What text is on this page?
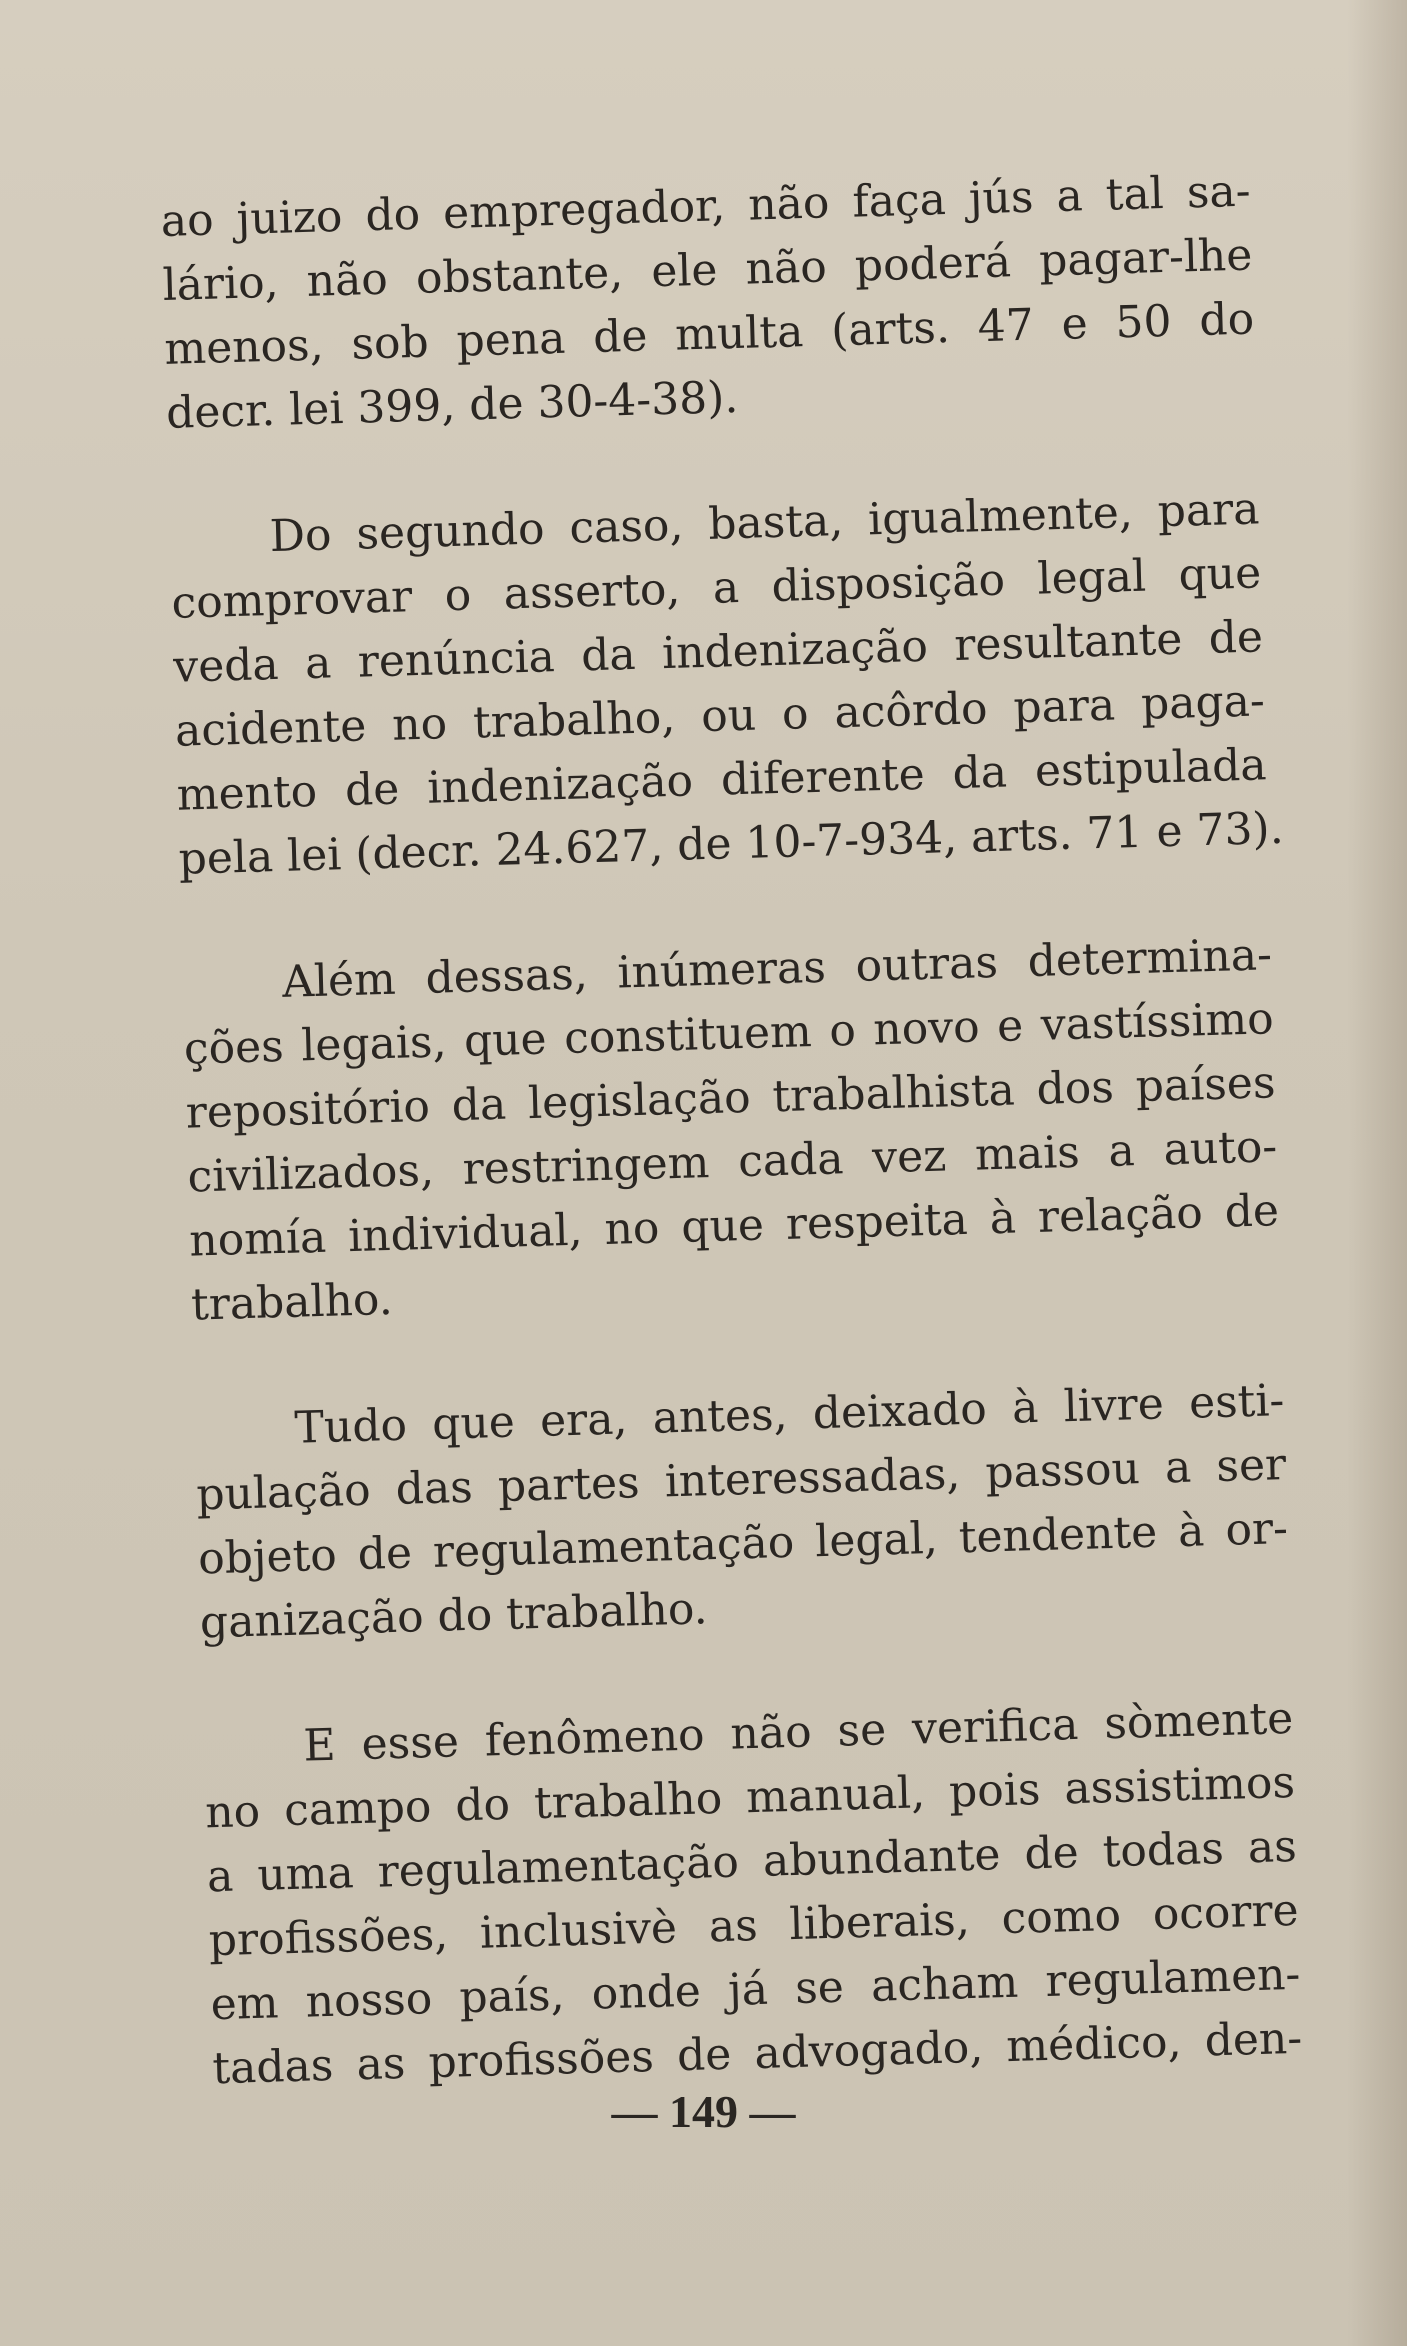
ao juizo do empregador, não faça jús a tal sa-
lário, não obstante, ele não poderá pagar-lhe
menos, sob pena de multa (arts. 47 e 50 do
decr. lei 399, de 30-4-38).

Do segundo caso, basta, igualmente, para
comprovar o asserto, a disposição legal que
veda a renúncia da indenização resultante de
acidente no trabalho, ou o acôrdo para paga-
mento de indenização diferente da estipulada
pela lei (decr. 24.627, de 10-7-934, arts. 71 e 73).

Além dessas, inúmeras outras determina-
ções legais, que constituem o novo e vastíssimo
repositório da legislação trabalhista dos países
civilizados, restringem cada vez mais a auto-
nomía individual, no que respeita à relação de
trabalho.

Tudo que era, antes, deixado à livre esti-
pulação das partes interessadas, passou a ser
objeto de regulamentação legal, tendente à or-
ganização do trabalho.

E esse fenômeno não se verifica sòmente
no campo do trabalho manual, pois assistimos
a uma regulamentação abundante de todas as
profissões, inclusivè as liberais, como ocorre
em nosso país, onde já se acham regulamen-
tadas as profissões de advogado, médico, den-

— 149 —
